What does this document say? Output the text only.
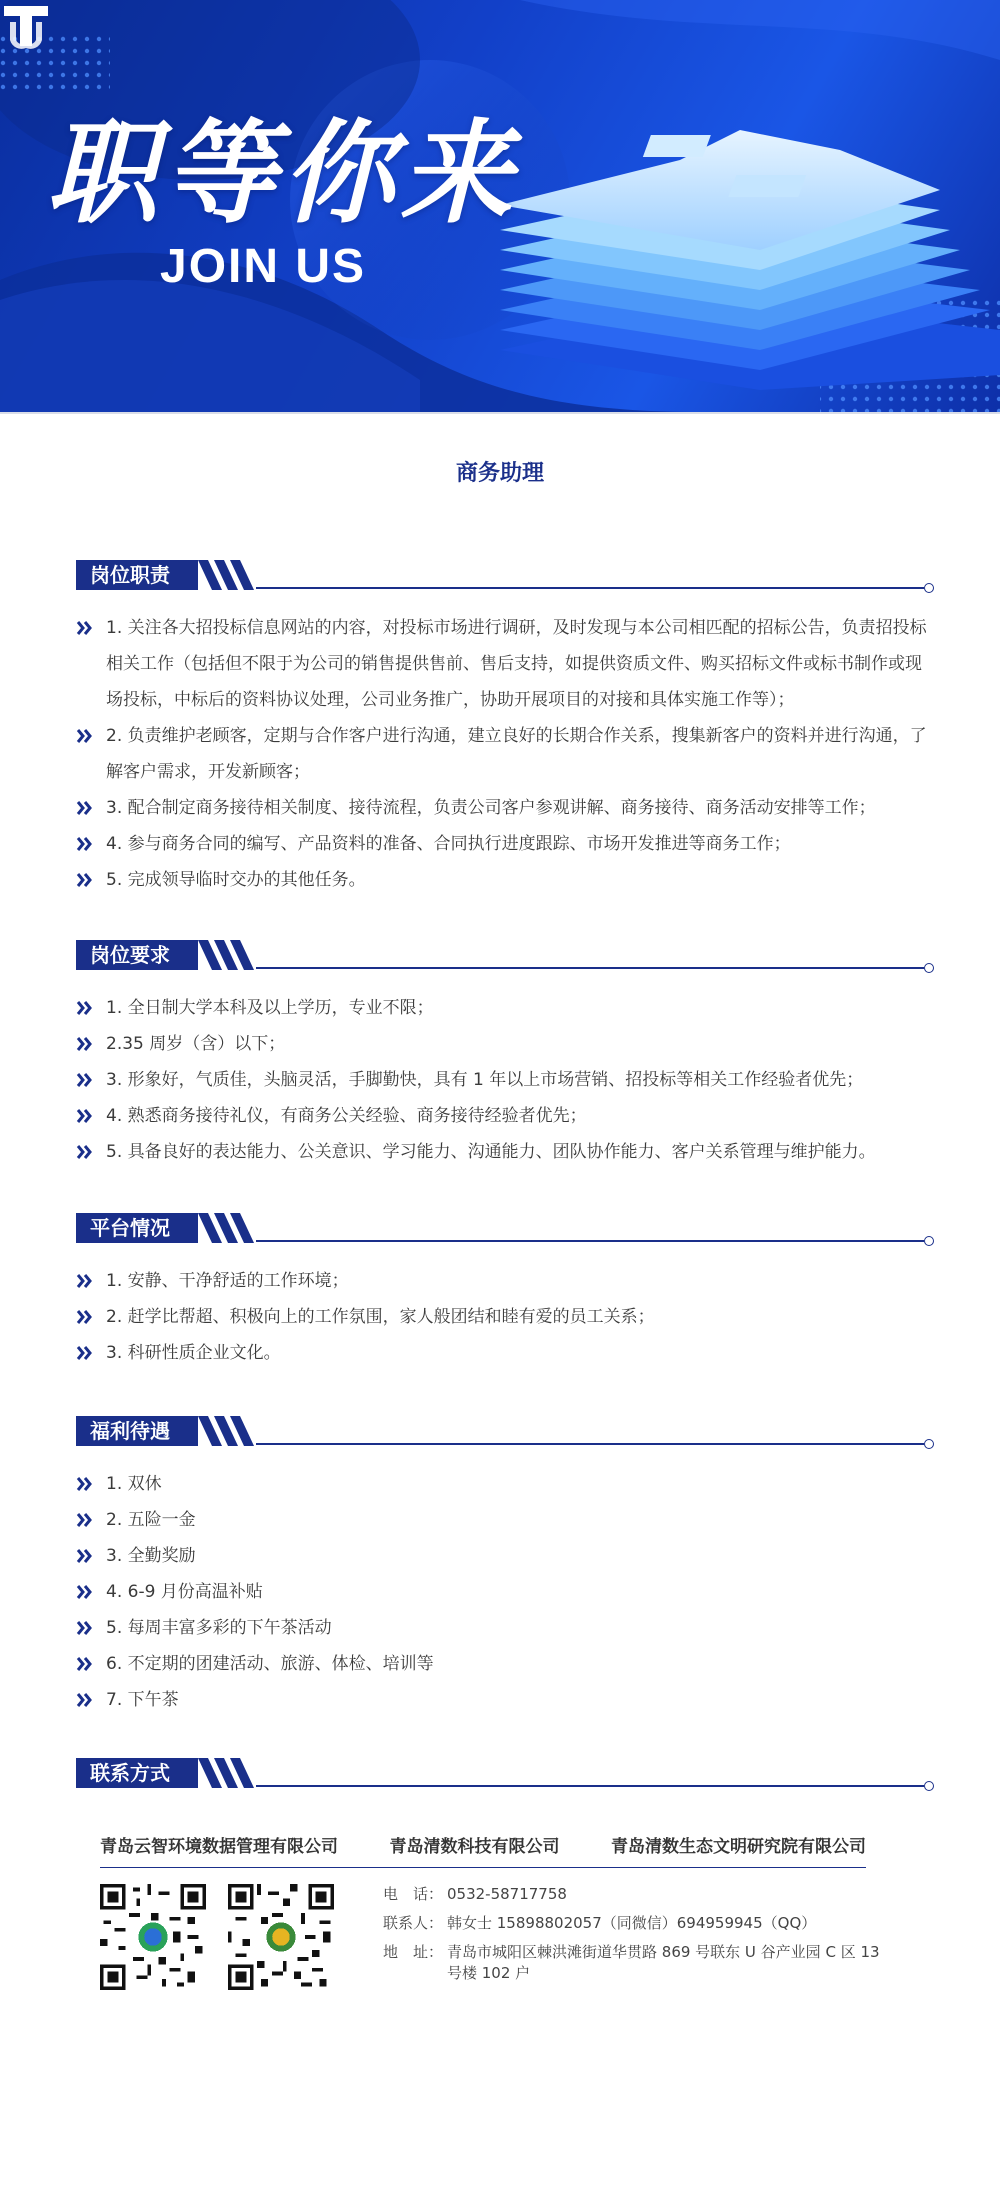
职等你来
JOIN US
商务助理
岗位职责
1. 关注各大招投标信息网站的内容，对投标市场进行调研，及时发现与本公司相匹配的招标公告，负责招投标相关工作（包括但不限于为公司的销售提供售前、售后支持，如提供资质文件、购买招标文件或标书制作或现场投标，中标后的资料协议处理，公司业务推广，协助开展项目的对接和具体实施工作等）；
2. 负责维护老顾客，定期与合作客户进行沟通，建立良好的长期合作关系，搜集新客户的资料并进行沟通，了解客户需求，开发新顾客；
3. 配合制定商务接待相关制度、接待流程，负责公司客户参观讲解、商务接待、商务活动安排等工作；
4. 参与商务合同的编写、产品资料的准备、合同执行进度跟踪、市场开发推进等商务工作；
5. 完成领导临时交办的其他任务。
岗位要求
1. 全日制大学本科及以上学历，专业不限；
2.35 周岁（含）以下；
3. 形象好，气质佳，头脑灵活，手脚勤快，具有 1 年以上市场营销、招投标等相关工作经验者优先；
4. 熟悉商务接待礼仪，有商务公关经验、商务接待经验者优先；
5. 具备良好的表达能力、公关意识、学习能力、沟通能力、团队协作能力、客户关系管理与维护能力。
平台情况
1. 安静、干净舒适的工作环境；
2. 赶学比帮超、积极向上的工作氛围，家人般团结和睦有爱的员工关系；
3. 科研性质企业文化。
福利待遇
1. 双休
2. 五险一金
3. 全勤奖励
4. 6-9 月份高温补贴
5. 每周丰富多彩的下午茶活动
6. 不定期的团建活动、旅游、体检、培训等
7. 下午茶
联系方式
青岛云智环境数据管理有限公司	青岛清数科技有限公司	青岛清数生态文明研究院有限公司
电　话： 0532-58717758
联系人： 韩女士 15898802057（同微信）694959945（QQ）
地　址： 青岛市城阳区棘洪滩街道华贯路 869 号联东 U 谷产业园 C 区 13 号楼 102 户
